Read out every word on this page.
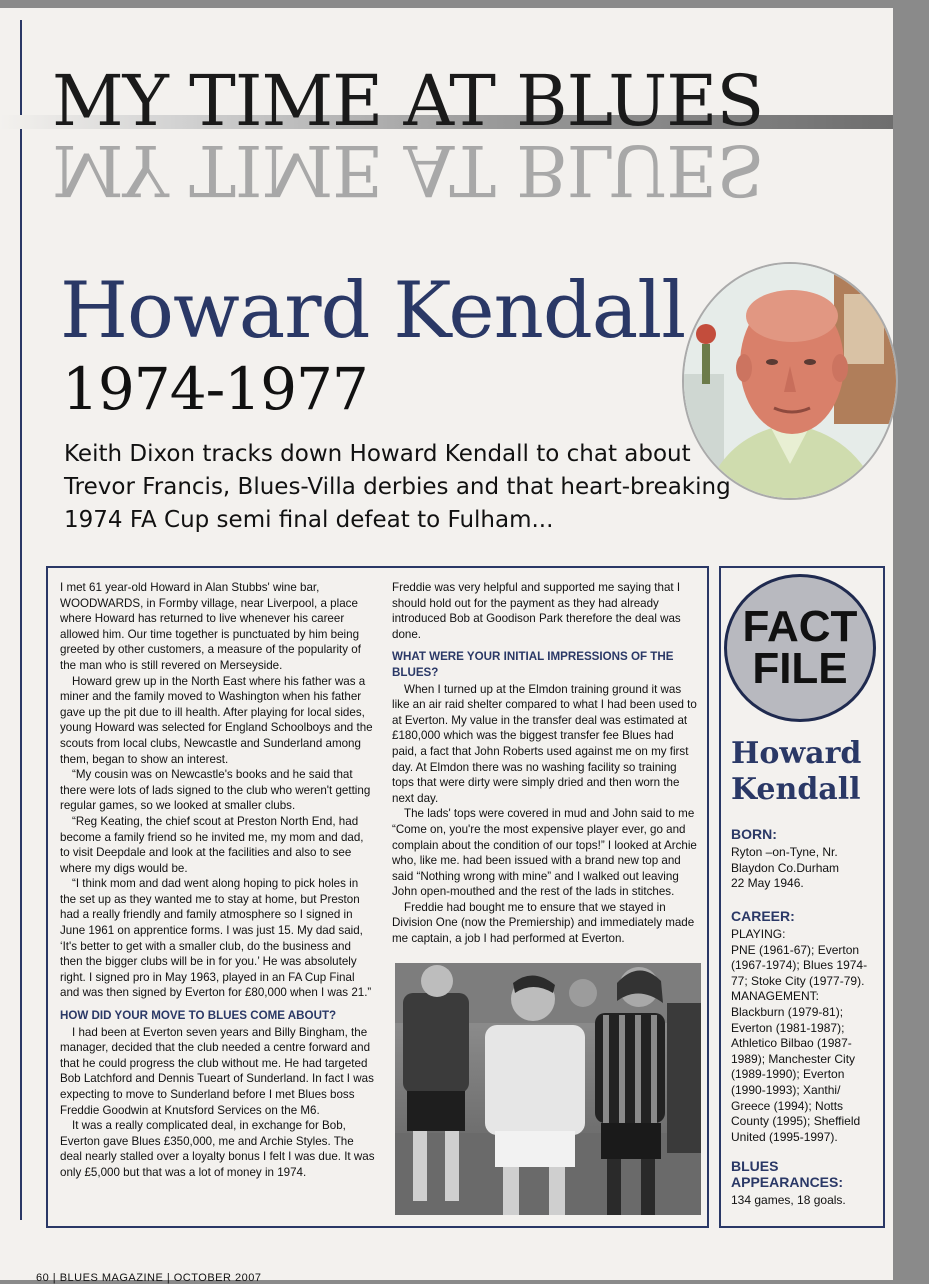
MY TIME AT BLUES
MY TIME AT BLUES
Howard Kendall
1974-1977
Keith Dixon tracks down Howard Kendall to chat about Trevor Francis, Blues-Villa derbies and that heart-breaking 1974 FA Cup semi final defeat to Fulham...

I met 61 year-old Howard in Alan Stubbs' wine bar, WOODWARDS, in Formby village, near Liverpool, a place where Howard has returned to live whenever his career allowed him. Our time together is punctuated by him being greeted by other customers, a measure of the popularity of the man who is still revered on Merseyside.

Howard grew up in the North East where his father was a miner and the family moved to Washington when his father gave up the pit due to ill health. After playing for local sides, young Howard was selected for England Schoolboys and the scouts from local clubs, Newcastle and Sunderland among them, began to show an interest.

“My cousin was on Newcastle's books and he said that there were lots of lads signed to the club who weren't getting regular games, so we looked at smaller clubs.

“Reg Keating, the chief scout at Preston North End, had become a family friend so he invited me, my mom and dad, to visit Deepdale and look at the facilities and also to see where my digs would be.

“I think mom and dad went along hoping to pick holes in the set up as they wanted me to stay at home, but Preston had a really friendly and family atmosphere so I signed in June 1961 on apprentice forms. I was just 15. My dad said, ‘It's better to get with a smaller club, do the business and then the bigger clubs will be in for you.’ He was absolutely right. I signed pro in May 1963, played in an FA Cup Final and was then signed by Everton for £80,000 when I was 21.”

HOW DID YOUR MOVE TO BLUES COME ABOUT?

I had been at Everton seven years and Billy Bingham, the manager, decided that the club needed a centre forward and that he could progress the club without me. He had targeted Bob Latchford and Dennis Tueart of Sunderland. In fact I was expecting to move to Sunderland before I met Blues boss Freddie Goodwin at Knutsford Services on the M6.

It was a really complicated deal, in exchange for Bob, Everton gave Blues £350,000, me and Archie Styles. The deal nearly stalled over a loyalty bonus I felt I was due. It was only £5,000 but that was a lot of money in 1974.

Freddie was very helpful and supported me saying that I should hold out for the payment as they had already introduced Bob at Goodison Park therefore the deal was done.

WHAT WERE YOUR INITIAL IMPRESSIONS OF THE BLUES?

When I turned up at the Elmdon training ground it was like an air raid shelter compared to what I had been used to at Everton. My value in the transfer deal was estimated at £180,000 which was the biggest transfer fee Blues had paid, a fact that John Roberts used against me on my first day. At Elmdon there was no washing facility so training tops that were dirty were simply dried and then worn the next day.

The lads' tops were covered in mud and John said to me “Come on, you're the most expensive player ever, go and complain about the condition of our tops!” I looked at Archie who, like me. had been issued with a brand new top and said “Nothing wrong with mine” and I walked out leaving John open-mouthed and the rest of the lads in stitches.

Freddie had bought me to ensure that we stayed in Division One (now the Premiership) and immediately made me captain, a job I had performed at Everton.

FACT
FILE
Howard Kendall
BORN:
Ryton –on-Tyne, Nr.
Blaydon Co.Durham
22 May 1946.
CAREER:
PLAYING:
PNE (1961-67); Everton (1967-1974); Blues 1974-77; Stoke City (1977-79).
MANAGEMENT:
Blackburn (1979-81); Everton (1981-1987); Athletico Bilbao (1987-1989); Manchester City (1989-1990); Everton (1990-1993); Xanthi/ Greece (1994); Notts County (1995); Sheffield United (1995-1997).
BLUES
APPEARANCES:
134 games, 18 goals.
60 | BLUES MAGAZINE | OCTOBER 2007
